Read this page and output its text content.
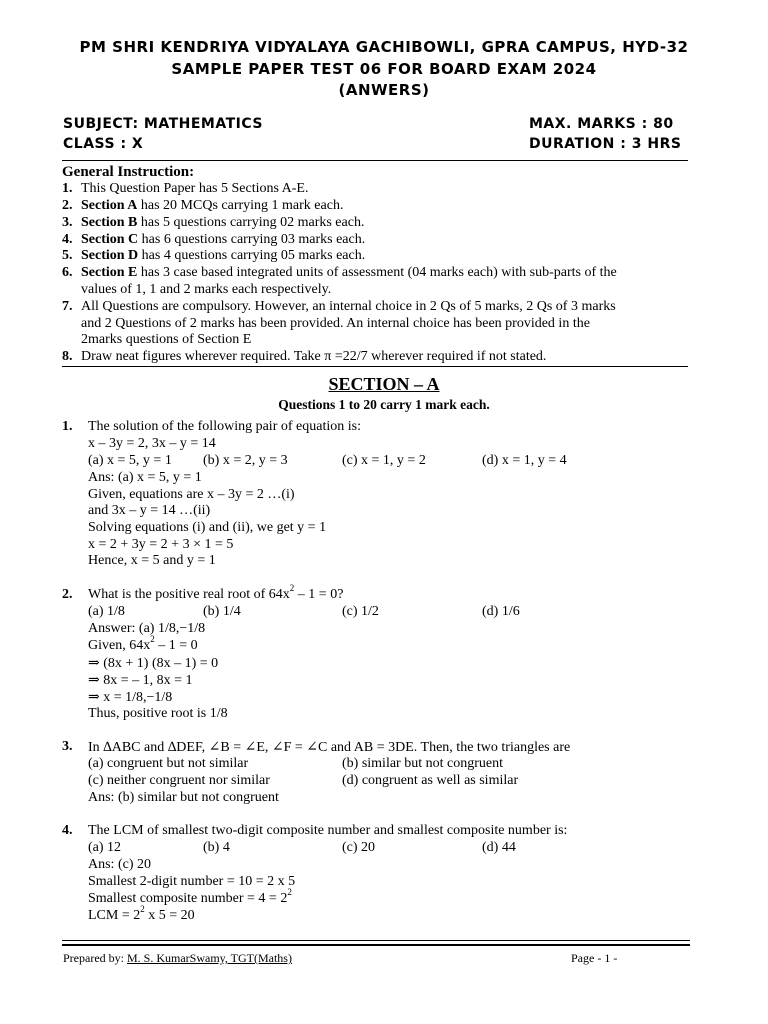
PM SHRI KENDRIYA VIDYALAYA GACHIBOWLI, GPRA CAMPUS, HYD-32
SAMPLE PAPER TEST 06 FOR BOARD EXAM 2024
(ANWERS)
SUBJECT: MATHEMATICS	MAX. MARKS : 80
CLASS : X	DURATION : 3 HRS
General Instruction:
1. This Question Paper has 5 Sections A-E.
2. Section A has 20 MCQs carrying 1 mark each.
3. Section B has 5 questions carrying 02 marks each.
4. Section C has 6 questions carrying 03 marks each.
5. Section D has 4 questions carrying 05 marks each.
6. Section E has 3 case based integrated units of assessment (04 marks each) with sub-parts of the
values of 1, 1 and 2 marks each respectively.
7. All Questions are compulsory. However, an internal choice in 2 Qs of 5 marks, 2 Qs of 3 marks
and 2 Questions of 2 marks has been provided. An internal choice has been provided in the
2marks questions of Section E
8. Draw neat figures wherever required. Take π =22/7 wherever required if not stated.
SECTION – A
Questions 1 to 20 carry 1 mark each.
1. The solution of the following pair of equation is:
x – 3y = 2, 3x – y = 14
(a) x = 5, y = 1 (b) x = 2, y = 3	(c) x = 1, y = 2	(d) x = 1, y = 4
Ans: (a) x = 5, y = 1
Given, equations are x – 3y = 2 …(i)
and 3x – y = 14 …(ii)
Solving equations (i) and (ii), we get y = 1
x = 2 + 3y = 2 + 3 × 1 = 5
Hence, x = 5 and y = 1
2. What is the positive real root of $64x^2 - 1 = 0$?
(a) 1/8	(b) 1/4	(c) 1/2	(d) 1/6
Answer: (a) 1/8,−1/8
Given, $64x^2 - 1 = 0$
⇒ (8x + 1) (8x – 1) = 0
⇒ 8x = – 1, 8x = 1
⇒ x = 1/8,−1/8
Thus, positive root is 1/8
3. In ∆ABC and ∆DEF, ∠B = ∠E, ∠F = ∠C and AB = 3DE. Then, the two triangles are
(a) congruent but not similar	(b) similar but not congruent
(c) neither congruent nor similar	(d) congruent as well as similar
Ans: (b) similar but not congruent
4. The LCM of smallest two-digit composite number and smallest composite number is:
(a) 12	(b) 4	(c) 20	(d) 44
Ans: (c) 20
Smallest 2-digit number = 10 = 2 x 5
Smallest composite number = $4 = 2^2$
LCM = $2^2$ x 5 = 20
Prepared by: M. S. KumarSwamy, TGT(Maths)	Page - 1 -
